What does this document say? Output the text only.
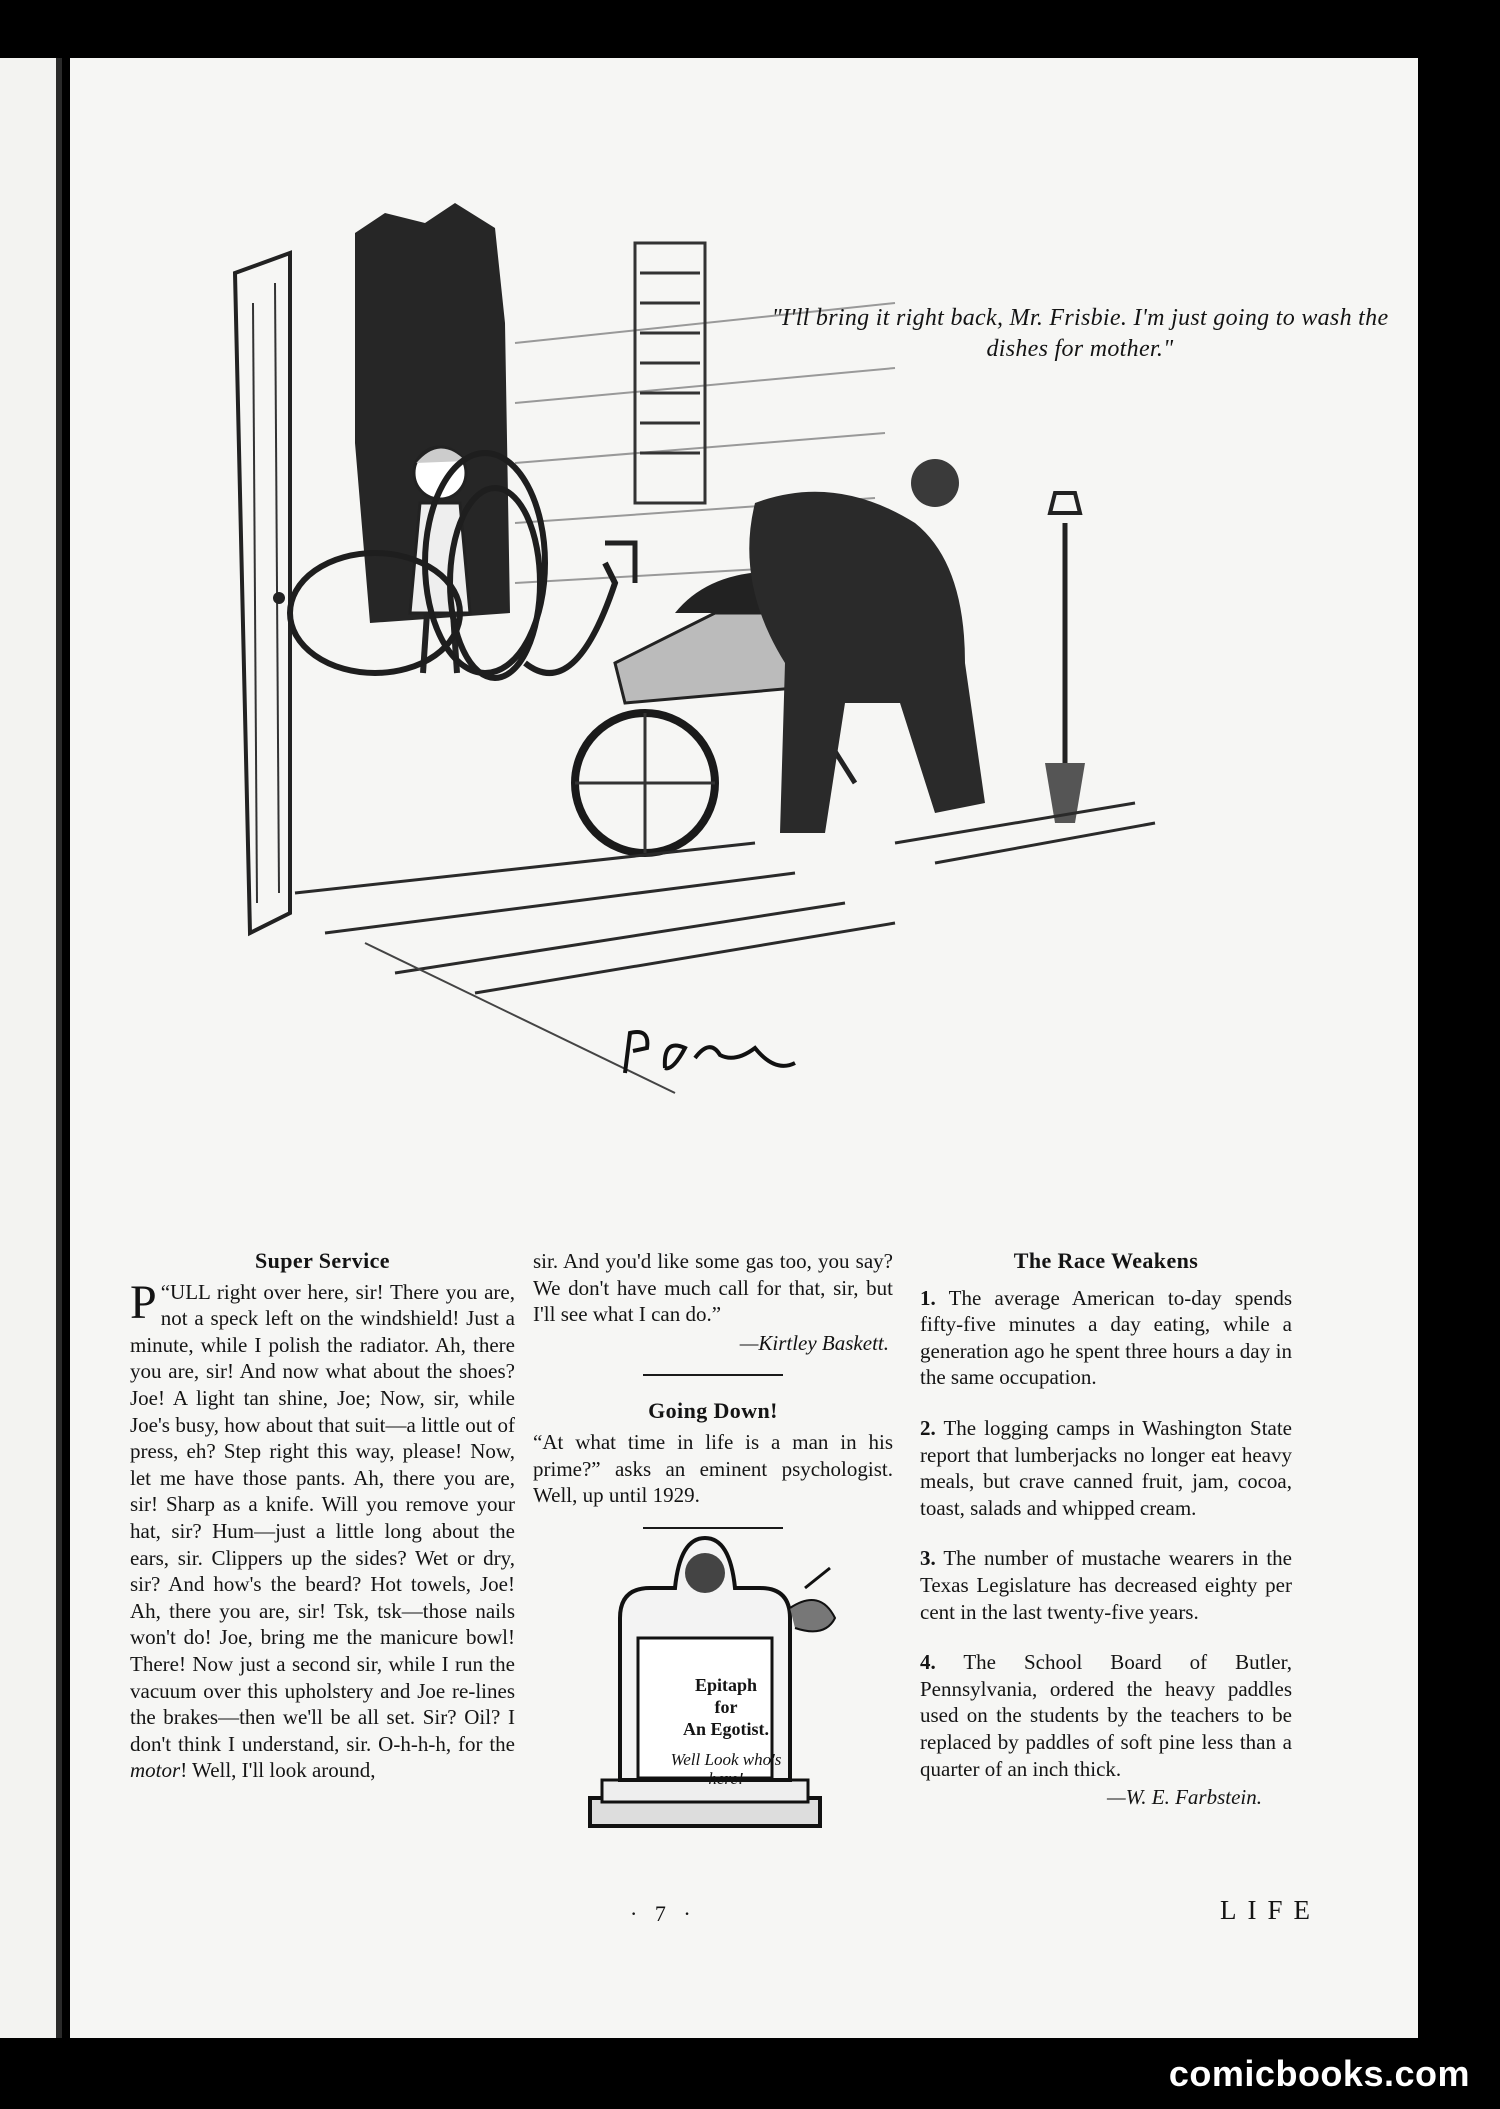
"I'll bring it right back, Mr. Frisbie. I'm just going to wash the dishes for mother."
Super Service

“
P ULL right over here, sir! There you are, not a speck left on the windshield! Just a minute, while I polish the radiator. Ah, there you are, sir! And now what about the shoes? Joe! A light tan shine, Joe; Now, sir, while Joe's busy, how about that suit—a little out of press, eh? Step right this way, please! Now, let me have those pants. Ah, there you are, sir! Sharp as a knife. Will you remove your hat, sir? Hum—just a little long about the ears, sir. Clippers up the sides? Wet or dry, sir? And how's the beard? Hot towels, Joe! Ah, there you are, sir! Tsk, tsk—those nails won't do! Joe, bring me the manicure bowl! There! Now just a second sir, while I run the vacuum over this upholstery and Joe re-lines the brakes—then we'll be all set. Sir? Oil? I don't think I understand, sir. O-h-h-h, for the motor! Well, I'll look around,

sir. And you'd like some gas too, you say? We don't have much call for that, sir, but I'll see what I can do.”

—Kirtley Baskett.
Going Down!

“At what time in life is a man in his prime?” asks an eminent psychologist. Well, up until 1929.

Epitaph
for
An Egotist.
Well Look who's here!
The Race Weakens

1. The average American to-day spends fifty-five minutes a day eating, while a generation ago he spent three hours a day in the same occupation.

2. The logging camps in Washington State report that lumberjacks no longer eat heavy meals, but crave canned fruit, jam, cocoa, toast, salads and whipped cream.

3. The number of mustache wearers in the Texas Legislature has decreased eighty per cent in the last twenty-five years.

4. The School Board of Butler, Pennsylvania, ordered the heavy paddles used on the students by the teachers to be replaced by paddles of soft pine less than a quarter of an inch thick.

—W. E. Farbstein.
· 7 ·	LIFE
comicbooks.com
